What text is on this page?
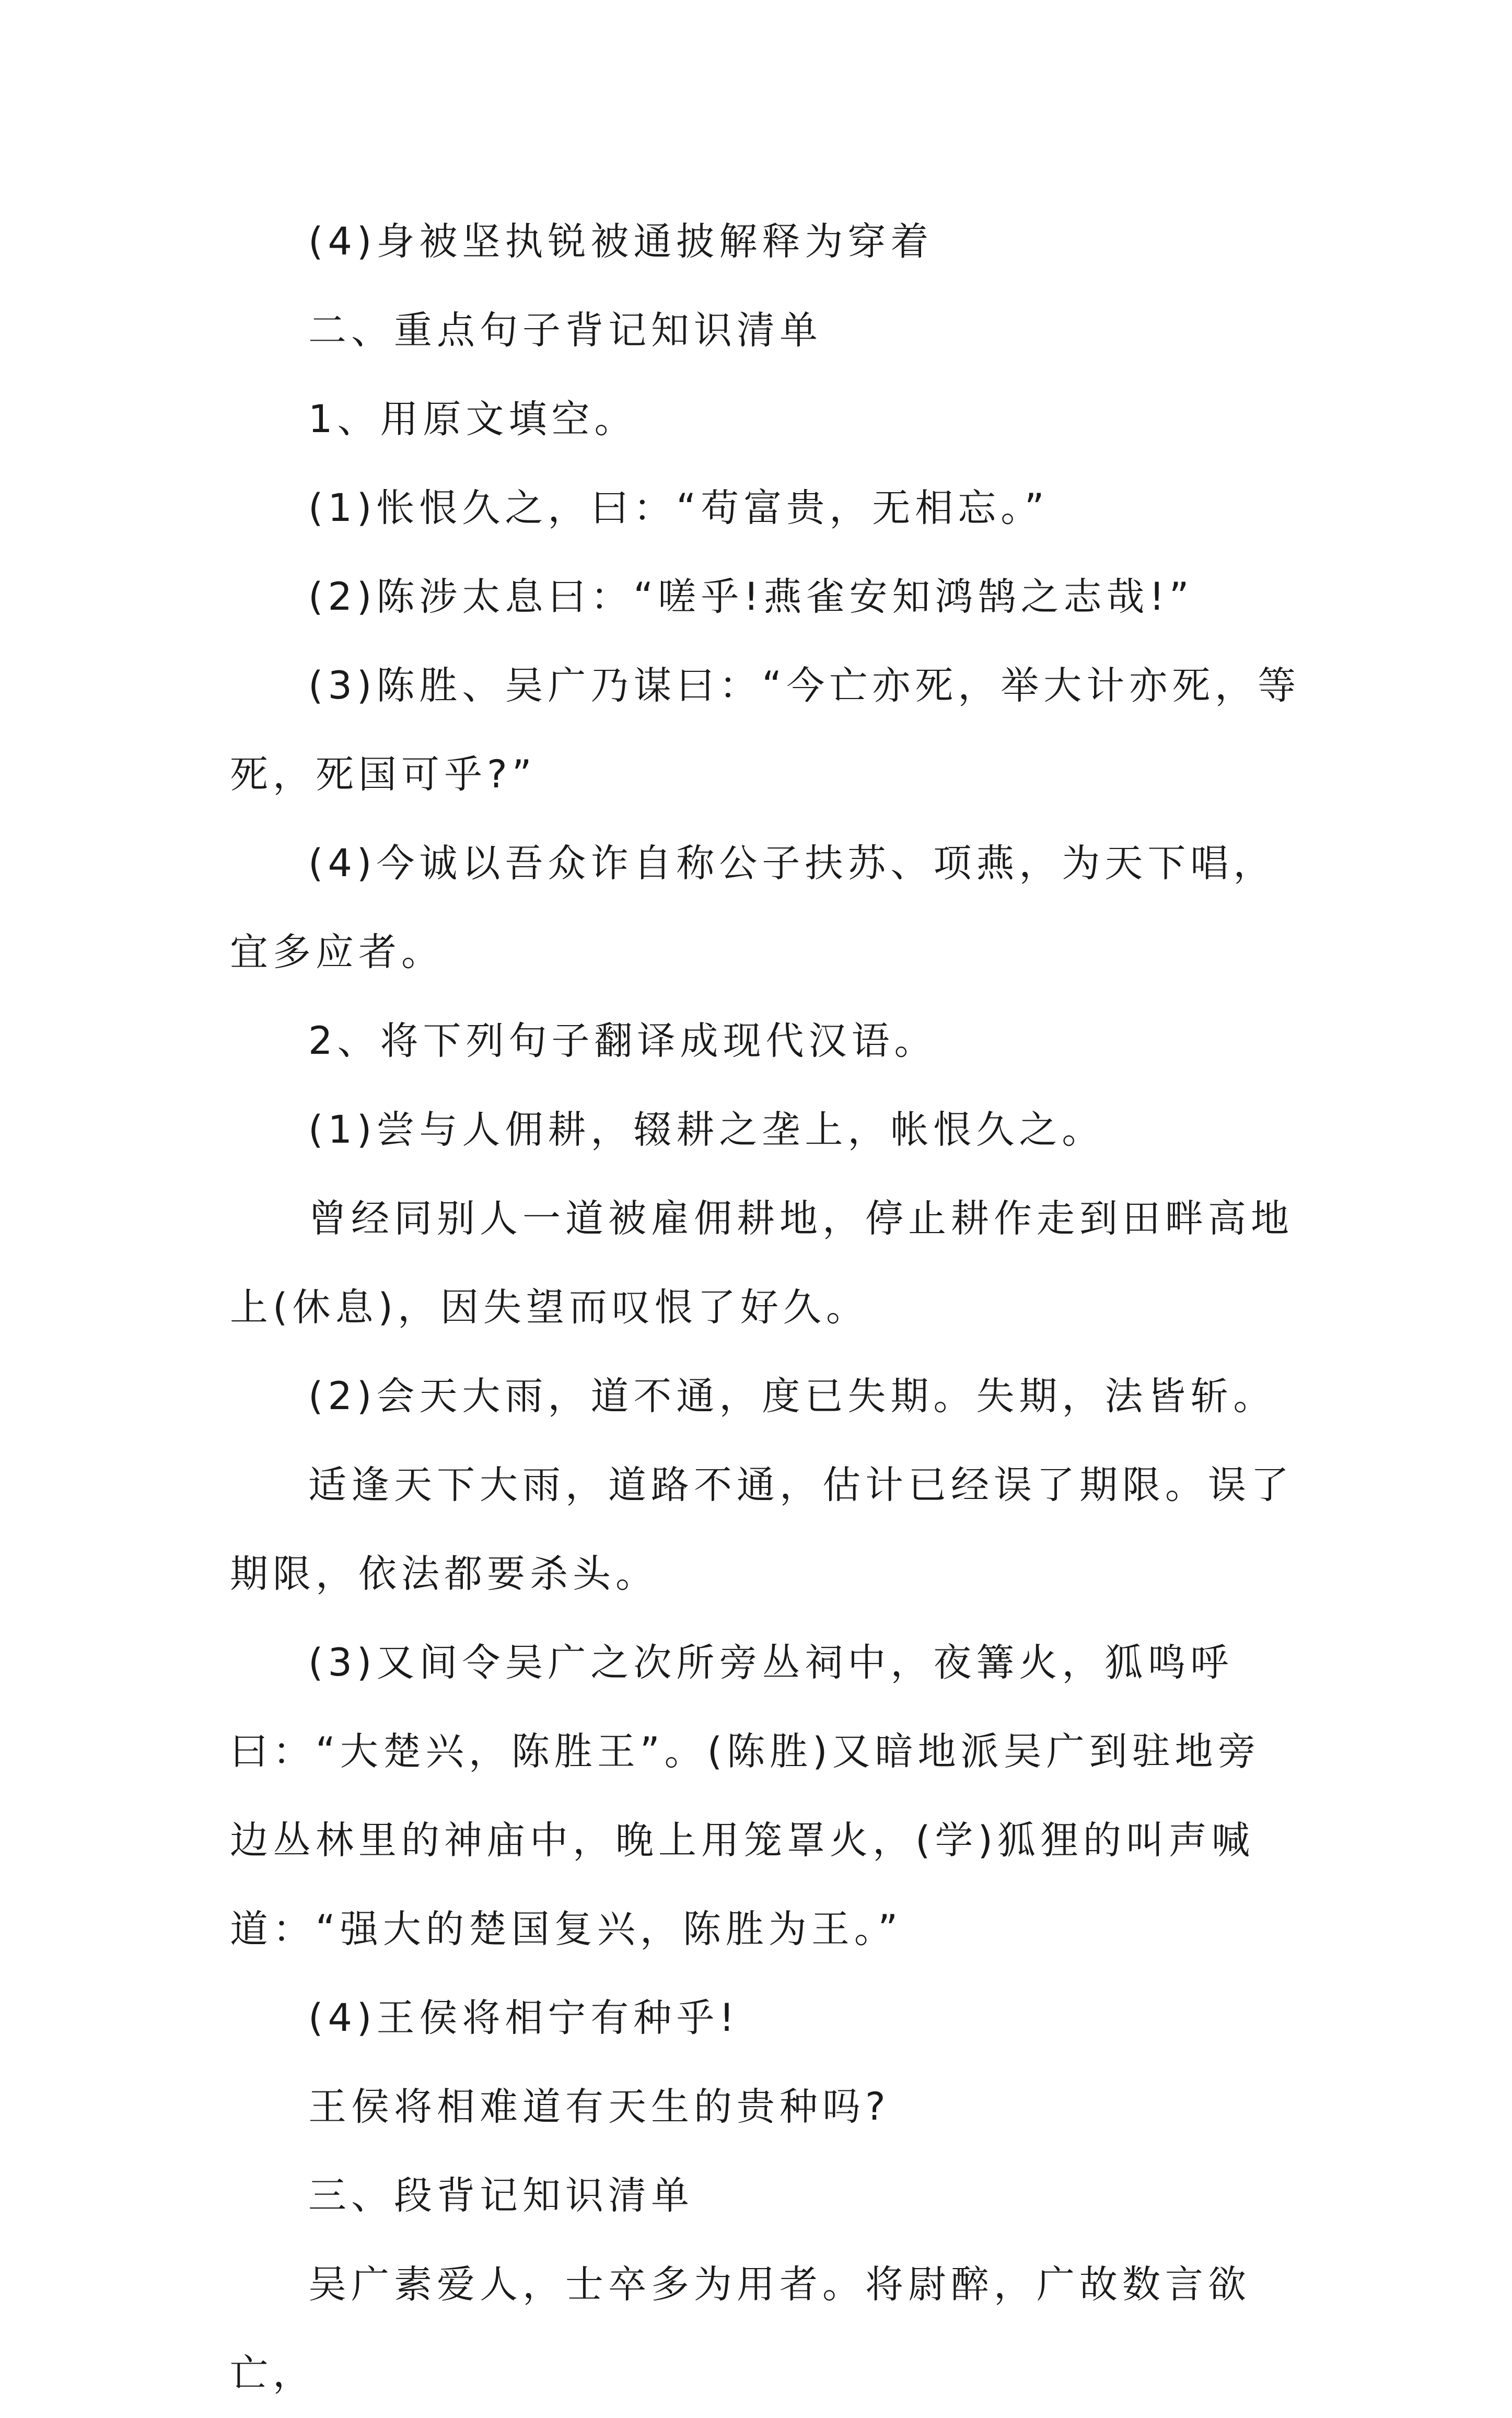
(4)身被坚执锐被通披解释为穿着

二、重点句子背记知识清单

1、用原文填空。

(1)怅恨久之，曰：“苟富贵，无相忘。”

(2)陈涉太息曰：“嗟乎!燕雀安知鸿鹄之志哉!”

(3)陈胜、吴广乃谋曰：“今亡亦死，举大计亦死，等死，死国可乎?”

(4)今诚以吾众诈自称公子扶苏、项燕，为天下唱，宜多应者。

2、将下列句子翻译成现代汉语。

(1)尝与人佣耕，辍耕之垄上，帐恨久之。

曾经同别人一道被雇佣耕地，停止耕作走到田畔高地上(休息)，因失望而叹恨了好久。

(2)会天大雨，道不通，度已失期。失期，法皆斩。

适逢天下大雨，道路不通，估计已经误了期限。误了期限，依法都要杀头。

(3)又间令吴广之次所旁丛祠中，夜篝火，狐鸣呼曰：“大楚兴，陈胜王”。(陈胜)又暗地派吴广到驻地旁边丛林里的神庙中，晚上用笼罩火，(学)狐狸的叫声喊道：“强大的楚国复兴，陈胜为王。”

(4)王侯将相宁有种乎!

王侯将相难道有天生的贵种吗?

三、段背记知识清单

吴广素爱人，士卒多为用者。将尉醉，广故数言欲亡，
